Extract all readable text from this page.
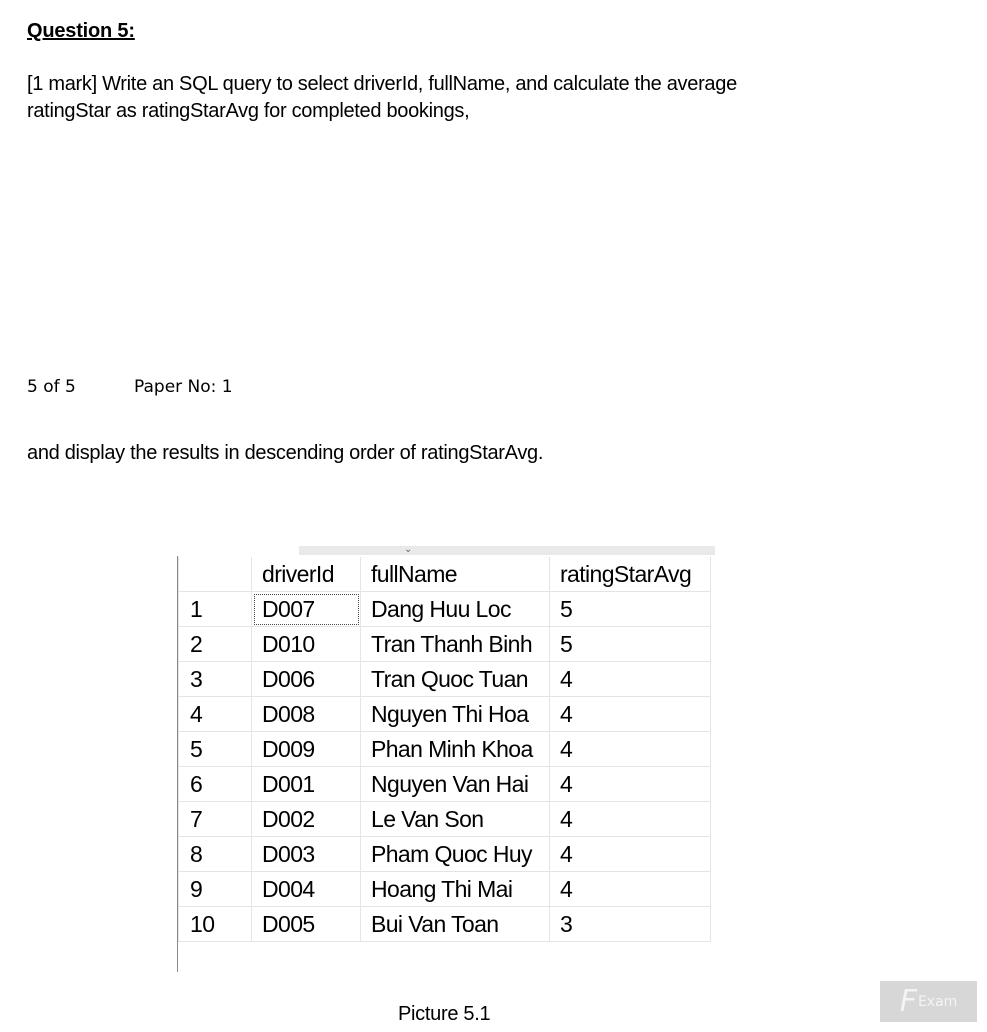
Question 5:
[1 mark] Write an SQL query to select driverId, fullName, and calculate the average
ratingStar as ratingStarAvg for completed bookings,
5 of 5	Paper No: 1
and display the results in descending order of ratingStarAvg.
⌄
	driverId	fullName	ratingStarAvg
1	D007	Dang Huu Loc	5
2	D010	Tran Thanh Binh	5
3	D006	Tran Quoc Tuan	4
4	D008	Nguyen Thi Hoa	4
5	D009	Phan Minh Khoa	4
6	D001	Nguyen Van Hai	4
7	D002	Le Van Son	4
8	D003	Pham Quoc Huy	4
9	D004	Hoang Thi Mai	4
10	D005	Bui Van Toan	3
Picture 5.1	F Exam
